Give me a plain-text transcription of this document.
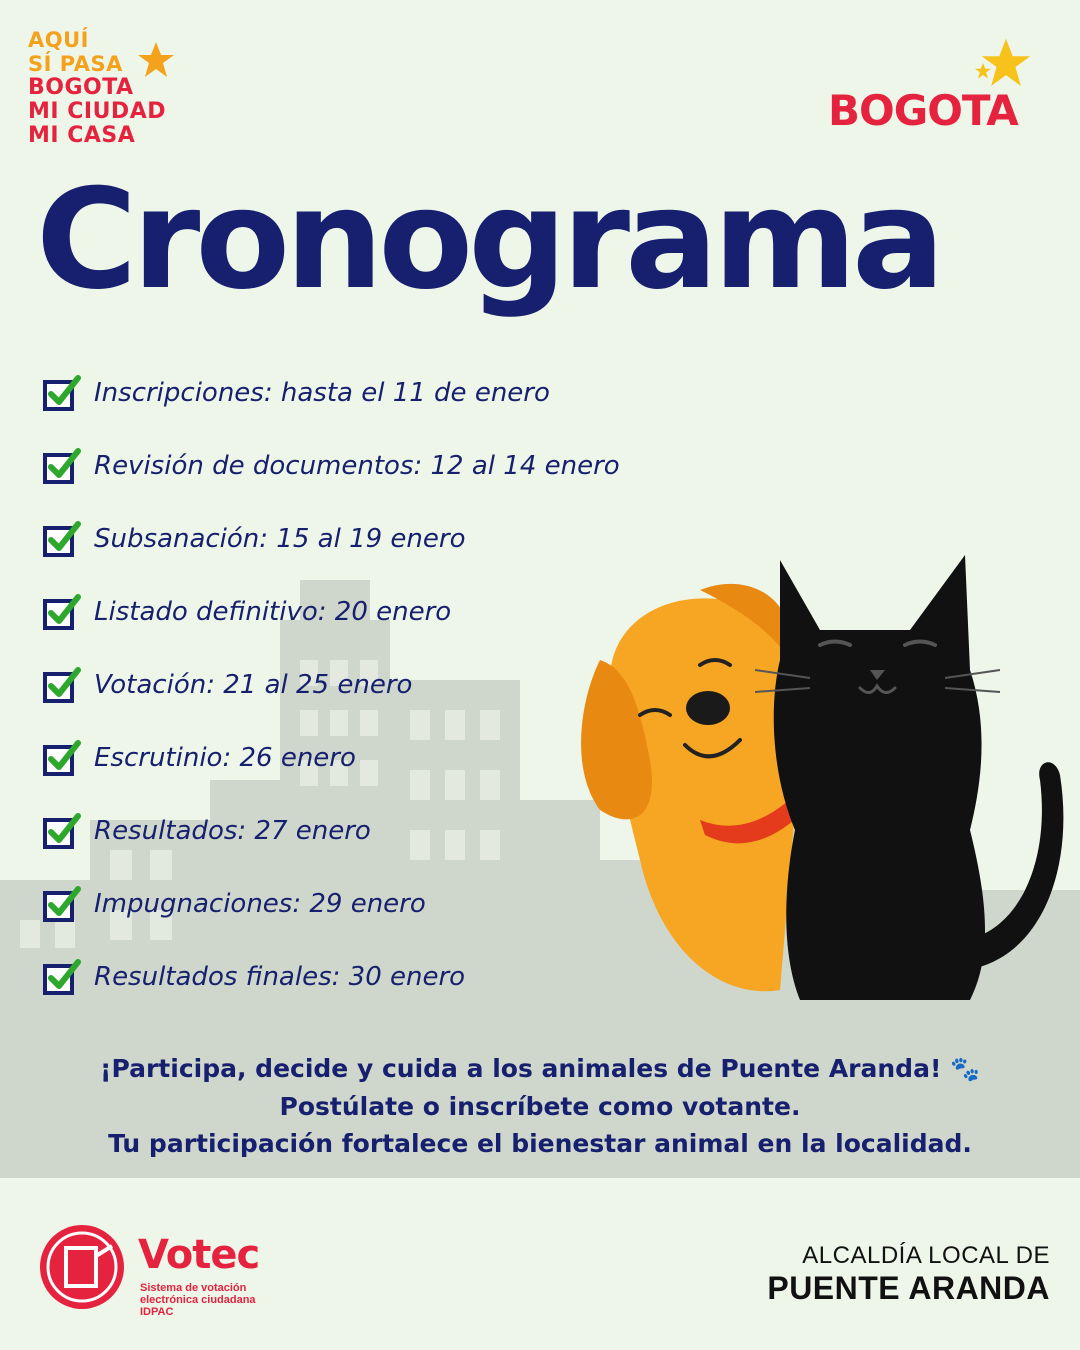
AQUÍ
SÍ PASA
BOGOTA
MI CIUDAD
MI CASA
BOGOTA
Cronograma
Inscripciones: hasta el 11 de enero
Revisión de documentos: 12 al 14 enero
Subsanación: 15 al 19 enero
Listado definitivo: 20 enero
Votación: 21 al 25 enero
Escrutinio: 26 enero
Resultados: 27 enero
Impugnaciones: 29 enero
Resultados finales: 30 enero
¡Participa, decide y cuida a los animales de Puente Aranda! 🐾
Postúlate o inscríbete como votante.
Tu participación fortalece el bienestar animal en la localidad.
Votec
Sistema de votación
electrónica ciudadana IDPAC
ALCALDÍA LOCAL DE
PUENTE ARANDA
